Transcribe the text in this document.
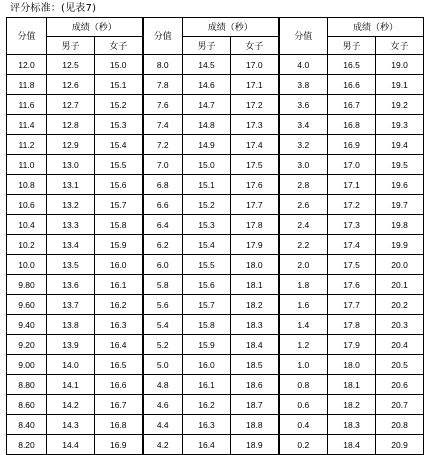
评分标准：(见表7)
分值	成绩（秒）		分值	成绩（秒）		分值	成绩（秒）	
	男子	女子		男子	女子		男子	女子
12.0	12.5	15.0	8.0	14.5	17.0	4.0	16.5	19.0
11.8	12.6	15.1	7.8	14.6	17.1	3.8	16.6	19.1
11.6	12.7	15.2	7.6	14.7	17.2	3.6	16.7	19.2
11.4	12.8	15.3	7.4	14.8	17.3	3.4	16.8	19.3
11.2	12.9	15.4	7.2	14.9	17.4	3.2	16.9	19.4
11.0	13.0	15.5	7.0	15.0	17.5	3.0	17.0	19.5
10.8	13.1	15.6	6.8	15.1	17.6	2.8	17.1	19.6
10.6	13.2	15.7	6.6	15.2	17.7	2.6	17.2	19.7
10.4	13.3	15.8	6.4	15.3	17.8	2.4	17.3	19.8
10.2	13.4	15.9	6.2	15.4	17.9	2.2	17.4	19.9
10.0	13.5	16.0	6.0	15.5	18.0	2.0	17.5	20.0
9.80	13.6	16.1	5.8	15.6	18.1	1.8	17.6	20.1
9.60	13.7	16.2	5.6	15.7	18.2	1.6	17.7	20.2
9.40	13.8	16.3	5.4	15.8	18.3	1.4	17.8	20.3
9.20	13.9	16.4	5.2	15.9	18.4	1.2	17.9	20.4
9.00	14.0	16.5	5.0	16.0	18.5	1.0	18.0	20.5
8.80	14.1	16.6	4.8	16.1	18.6	0.8	18.1	20.6
8.60	14.2	16.7	4.6	16.2	18.7	0.6	18.2	20.7
8.40	14.3	16.8	4.4	16.3	18.8	0.4	18.3	20.8
8.20	14.4	16.9	4.2	16.4	18.9	0.2	18.4	20.9
